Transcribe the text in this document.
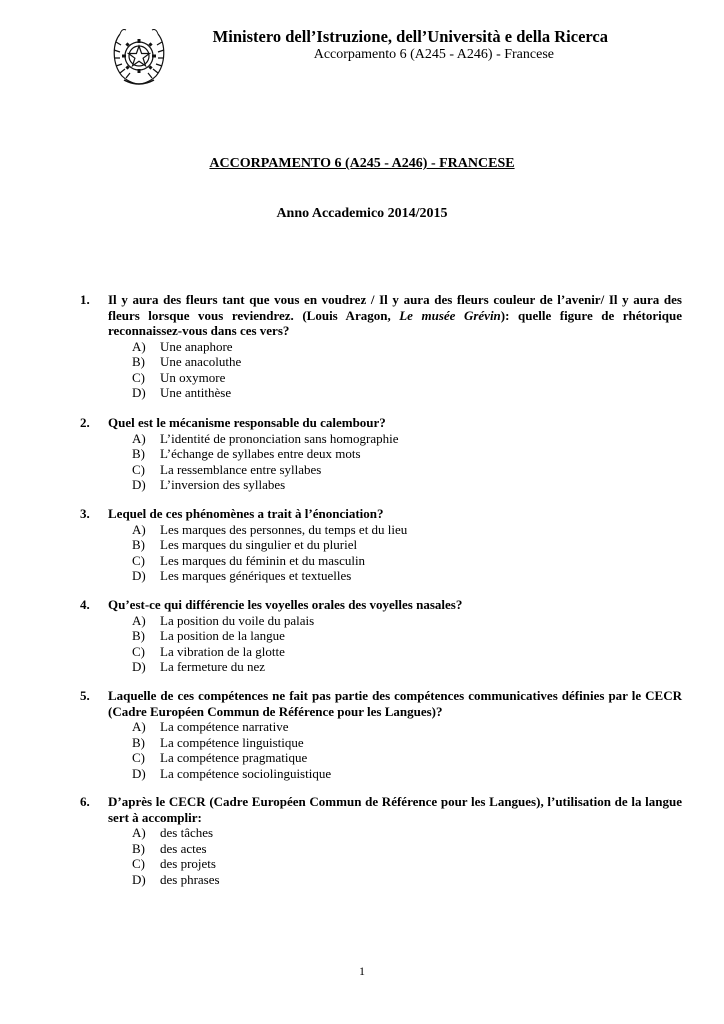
Ministero dell’Istruzione, dell’Università e della Ricerca
Accorpamento 6 (A245 - A246) - Francese
ACCORPAMENTO 6 (A245 - A246) - FRANCESE
Anno Accademico 2014/2015
1. Il y aura des fleurs tant que vous en voudrez / Il y aura des fleurs couleur de l’avenir/ Il y aura des fleurs lorsque vous reviendrez. (Louis Aragon, Le musée Grévin): quelle figure de rhétorique reconnaissez-vous dans ces vers?
A) Une anaphore
B) Une anacoluthe
C) Un oxymore
D) Une antithèse
2. Quel est le mécanisme responsable du calembour?
A) L’identité de prononciation sans homographie
B) L’échange de syllabes entre deux mots
C) La ressemblance entre syllabes
D) L’inversion des syllabes
3. Lequel de ces phénomènes a trait à l’énonciation?
A) Les marques des personnes, du temps et du lieu
B) Les marques du singulier et du pluriel
C) Les marques du féminin et du masculin
D) Les marques génériques et textuelles
4. Qu’est-ce qui différencie les voyelles orales des voyelles nasales?
A) La position du voile du palais
B) La position de la langue
C) La vibration de la glotte
D) La fermeture du nez
5. Laquelle de ces compétences ne fait pas partie des compétences communicatives définies par le CECR (Cadre Européen Commun de Référence pour les Langues)?
A) La compétence narrative
B) La compétence linguistique
C) La compétence pragmatique
D) La compétence sociolinguistique
6. D’après le CECR (Cadre Européen Commun de Référence pour les Langues), l’utilisation de la langue sert à accomplir:
A) des tâches
B) des actes
C) des projets
D) des phrases
1
